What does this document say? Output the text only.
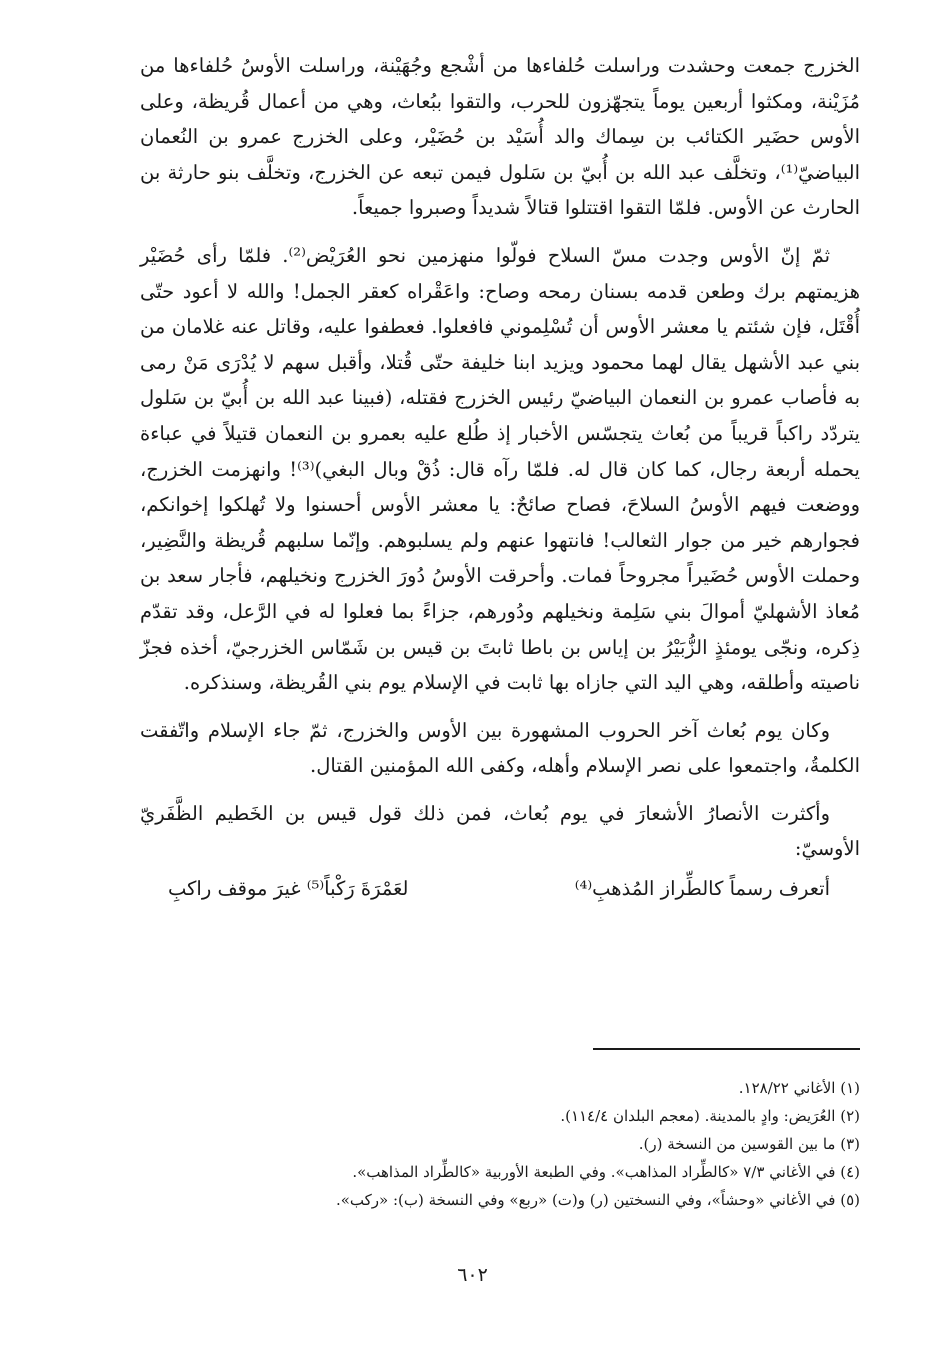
الخزرج جمعت وحشدت وراسلت حُلفاءها من أشْجع وجُهَيْنة، وراسلت الأوسُ حُلفاءها من مُزَيْنة، ومكثوا أربعين يوماً يتجهّزون للحرب، والتقوا ببُعاث، وهي من أعمال قُريظة، وعلى الأوس حضَير الكتائب بن سِماك والد أُسَيْد بن حُضَيْر، وعلى الخزرج عمرو بن النُعمان البياضيّ⁽¹⁾، وتخلَّف عبد الله بن أُبيّ بن سَلول فيمن تبعه عن الخزرج، وتخلَّف بنو حارثة بن الحارث عن الأوس. فلمّا التقوا اقتتلوا قتالاً شديداً وصبروا جميعاً.

ثمّ إنّ الأوس وجدت مسّ السلاح فولّوا منهزمين نحو العُرَيْض⁽²⁾. فلمّا رأى حُضَيْر هزيمتهم برك وطعن قدمه بسنان رمحه وصاح: واعَقْراه كعقر الجمل! والله لا أعود حتّى أُقْتَل، فإن شئتم يا معشر الأوس أن تُسْلِموني فافعلوا. فعطفوا عليه، وقاتل عنه غلامان من بني عبد الأشهل يقال لهما محمود ويزيد ابنا خليفة حتّى قُتلا، وأقبل سهم لا يُدْرَى مَنْ رمى به فأصاب عمرو بن النعمان البياضيّ رئيس الخزرج فقتله، (فبينا عبد الله بن أُبيّ بن سَلول يتردّد راكباً قريباً من بُعاث يتجسّس الأخبار إذ طُلع عليه بعمرو بن النعمان قتيلاً في عباءة يحمله أربعة رجال، كما كان قال له. فلمّا رآه قال: ذُقْ وبال البغي)⁽³⁾! وانهزمت الخزرج، ووضعت فيهم الأوسُ السلاحَ، فصاح صائحٌ: يا معشر الأوس أحسنوا ولا تُهلكوا إخوانكم، فجوارهم خير من جوار الثعالب! فانتهوا عنهم ولم يسلبوهم. وإنّما سلبهم قُريظة والنَّضِير، وحملت الأوس حُضَيراً مجروحاً فمات. وأحرقت الأوسُ دُورَ الخزرج ونخيلهم، فأجار سعد بن مُعاذ الأشهليّ أموالَ بني سَلِمة ونخيلهم ودُورهم، جزاءً بما فعلوا له في الرَّعل، وقد تقدّم ذِكره، ونجّى يومئذٍ الزُّبَيْرُ بن إياس بن باطا ثابتَ بن قيس بن شَمّاس الخزرجيّ، أخذه فجزّ ناصيته وأطلقه، وهي اليد التي جازاه بها ثابت في الإسلام يوم بني القُريظة، وسنذكره.

وكان يوم بُعاث آخر الحروب المشهورة بين الأوس والخزرج، ثمّ جاء الإسلام واتّفقت الكلمةُ، واجتمعوا على نصر الإسلام وأهله، وكفى الله المؤمنين القتال.

وأكثرت الأنصارُ الأشعارَ في يوم بُعاث، فمن ذلك قول قيس بن الخَطيم الظَّفَريّ الأوسيّ:

أتعرف رسماً كالطِّراز المُذهبِ⁽⁴⁾
لعَمْرَةَ رَكْباً⁽⁵⁾ غيرَ موقف راكبِ
(١) الأغاني ١٢٨/٢٢.
(٢) العُرَيض: وادٍ بالمدينة. (معجم البلدان ١١٤/٤).
(٣) ما بين القوسين من النسخة (ر).
(٤) في الأغاني ٧/٣ «كالطِّراد المذاهب». وفي الطبعة الأوربية «كالطِّراد المذاهب».
(٥) في الأغاني «وحشاً»، وفي النسختين (ر) و(ت) «ربع» وفي النسخة (ب): «ركب».
٦٠٢
